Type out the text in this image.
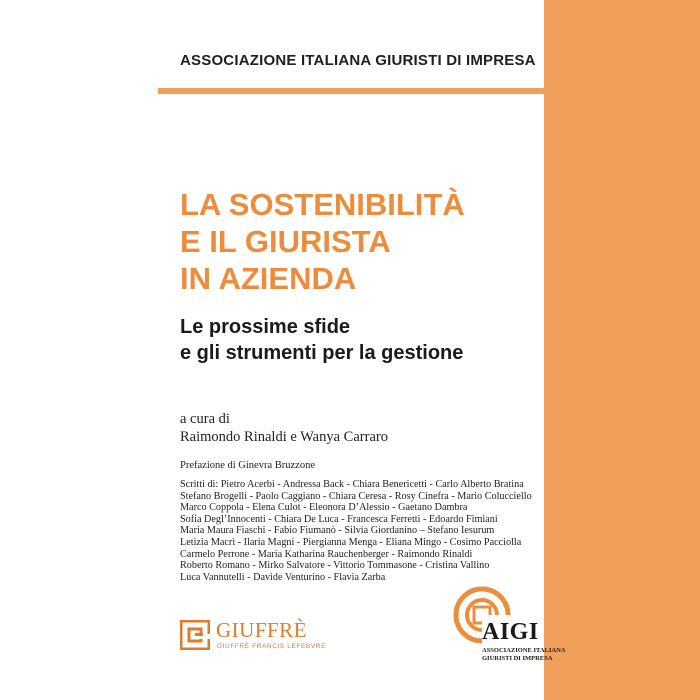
ASSOCIAZIONE ITALIANA GIURISTI DI IMPRESA
LA SOSTENIBILITÀ
E IL GIURISTA
IN AZIENDA
Le prossime sfide
e gli strumenti per la gestione
a cura di
Raimondo Rinaldi e Wanya Carraro
Prefazione di Ginevra Bruzzone
Scritti di: Pietro Acerbi - Andressa Back - Chiara Benericetti - Carlo Alberto Bratina
Stefano Brogelli - Paolo Caggiano - Chiara Ceresa - Rosy Cinefra - Mario Colucciello
Marco Coppola - Elena Culot - Eleonora D’Alessio - Gaetano Dambra
Sofia Degl’Innocenti - Chiara De Luca - Francesca Ferretti - Edoardo Fimiani
Maria Maura Fiaschi - Fabio Fiumanò - Silvia Giordanino – Stefano Iesurum
Letizia Macrì - Ilaria Magni - Piergianna Menga - Eliana Mingo - Cosimo Pacciolla
Carmelo Perrone - Maria Katharina Rauchenberger - Raimondo Rinaldi
Roberto Romano - Mirko Salvatore - Vittorio Tommasone - Cristina Vallino
Luca Vannutelli - Davide Venturino - Flavia Zarba
GIUFFRÈ
GIUFFRÈ FRANCIS LEFEBVRE
AIGI
ASSOCIAZIONE ITALIANA
GIURISTI DI IMPRESA
